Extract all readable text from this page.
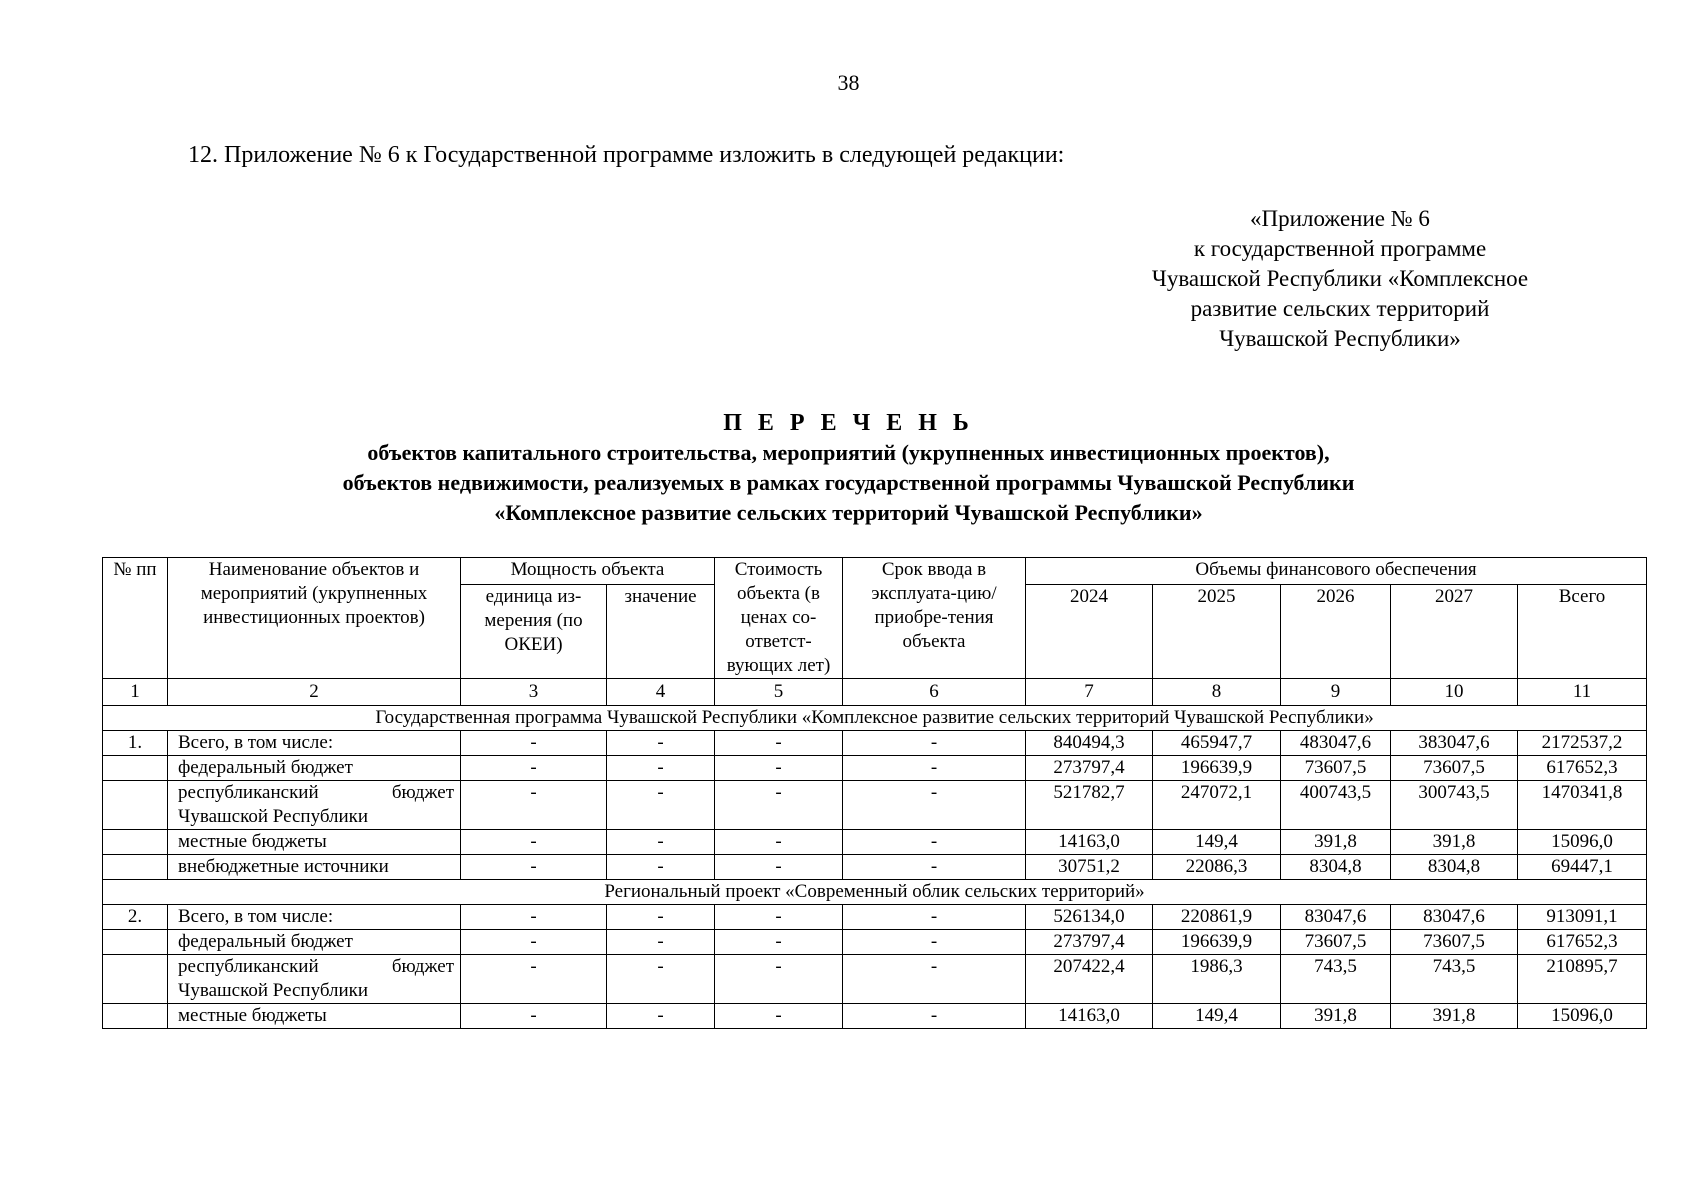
38
12. Приложение № 6 к Государственной программе изложить в следующей редакции:
«Приложение № 6
к государственной программе
Чувашской Республики «Комплексное
развитие сельских территорий
Чувашской Республики»
П Е Р Е Ч Е Н Ь
объектов капитального строительства, мероприятий (укрупненных инвестиционных проектов),
объектов недвижимости, реализуемых в рамках государственной программы Чувашской Республики
«Комплексное развитие сельских территорий Чувашской Республики»
№ пп	Наименование объектов и мероприятий (укрупненных инвестиционных проектов)	Мощность объекта		Стоимость объекта (в ценах со-ответст-вующих лет)	Срок ввода в эксплуата-цию/приобре-тения объекта	Объемы финансового обеспечения				
		единица из-мерения (по ОКЕИ)	значение			2024	2025	2026	2027	Всего

1	2	3	4	5	6	7	8	9	10	11
Государственная программа Чувашской Республики «Комплексное развитие сельских территорий Чувашской Республики»										
1.	Всего, в том числе:	-	-	-	-	840494,3	465947,7	483047,6	383047,6	2172537,2
	федеральный бюджет	-	-	-	-	273797,4	196639,9	73607,5	73607,5	617652,3
	республиканский бюджет Чувашской Республики	-	-	-	-	521782,7	247072,1	400743,5	300743,5	1470341,8
	местные бюджеты	-	-	-	-	14163,0	149,4	391,8	391,8	15096,0
	внебюджетные источники	-	-	-	-	30751,2	22086,3	8304,8	8304,8	69447,1
Региональный проект «Современный облик сельских территорий»										
2.	Всего, в том числе:	-	-	-	-	526134,0	220861,9	83047,6	83047,6	913091,1
	федеральный бюджет	-	-	-	-	273797,4	196639,9	73607,5	73607,5	617652,3
	республиканский бюджет Чувашской Республики	-	-	-	-	207422,4	1986,3	743,5	743,5	210895,7
	местные бюджеты	-	-	-	-	14163,0	149,4	391,8	391,8	15096,0
